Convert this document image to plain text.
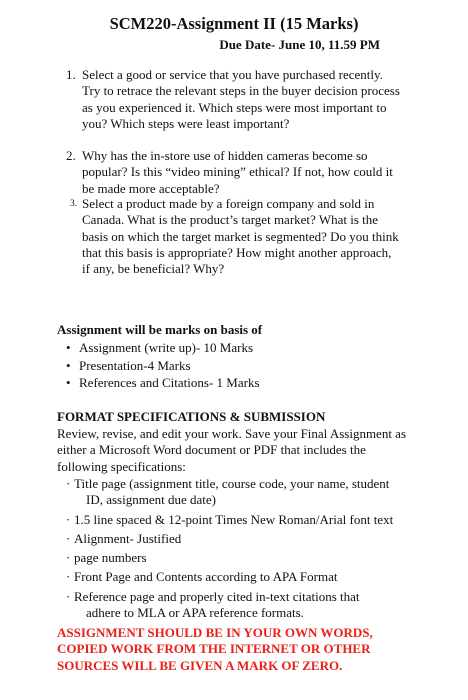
SCM220-Assignment II (15 Marks)
Due Date- June 10, 11.59 PM
1. Select a good or service that you have purchased recently. Try to retrace the relevant steps in the buyer decision process as you experienced it. Which steps were most important to you? Which steps were least important?
2. Why has the in-store use of hidden cameras become so popular? Is this “video mining” ethical? If not, how could it be made more acceptable?
3. Select a product made by a foreign company and sold in Canada. What is the product’s target market? What is the basis on which the target market is segmented? Do you think that this basis is appropriate? How might another approach, if any, be beneficial? Why?
Assignment will be marks on basis of
• Assignment (write up)- 10 Marks
• Presentation-4 Marks
• References and Citations- 1 Marks
FORMAT SPECIFICATIONS & SUBMISSION
Review, revise, and edit your work. Save your Final Assignment as either a Microsoft Word document or PDF that includes the following specifications:
· Title page (assignment title, course code, your name, student
ID, assignment due date)
· 1.5 line spaced & 12-point Times New Roman/Arial font text
· Alignment- Justified
· page numbers
· Front Page and Contents according to APA Format
· Reference page and properly cited in-text citations that
adhere to MLA or APA reference formats.
ASSIGNMENT SHOULD BE IN YOUR OWN WORDS,
COPIED WORK FROM THE INTERNET OR OTHER
SOURCES WILL BE GIVEN A MARK OF ZERO.
